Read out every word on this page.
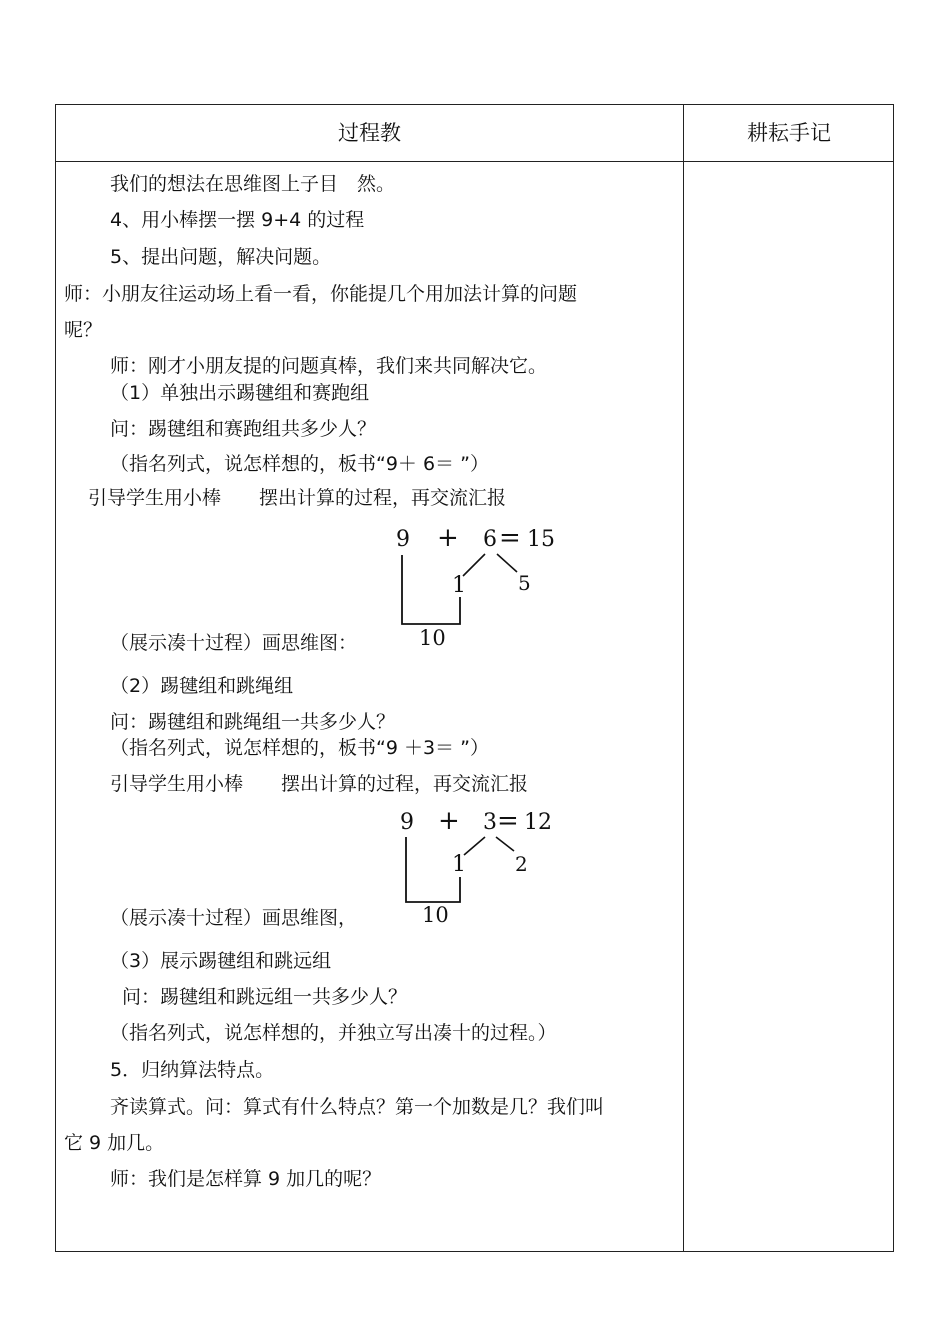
过程教	耕耘手记
我们的想法在思维图上子目　然。
4、用小棒摆一摆 9+4 的过程
5、提出问题，解决问题。
师：小朋友往运动场上看一看，你能提几个用加法计算的问题
呢？
师：刚才小朋友提的问题真棒，我们来共同解决它。
（1）单独出示踢毽组和赛跑组
问：踢毽组和赛跑组共多少人？
（指名列式，说怎样想的，板书“9＋ 6＝ ”）
引导学生用小棒　　摆出计算的过程，再交流汇报
9 + 6 = 15
1	5
10
（展示凑十过程）画思维图：
（2）踢毽组和跳绳组
问：踢毽组和跳绳组一共多少人？
（指名列式，说怎样想的，板书“9 ＋3＝ ”）
引导学生用小棒　　摆出计算的过程，再交流汇报
9 + 3 = 12
1 2
10
（展示凑十过程）画思维图，
（3）展示踢毽组和跳远组
问：踢毽组和跳远组一共多少人？
（指名列式，说怎样想的，并独立写出凑十的过程。）
5．归纳算法特点。
齐读算式。问：算式有什么特点？第一个加数是几？我们叫
它 9 加几。
师：我们是怎样算 9 加几的呢？
